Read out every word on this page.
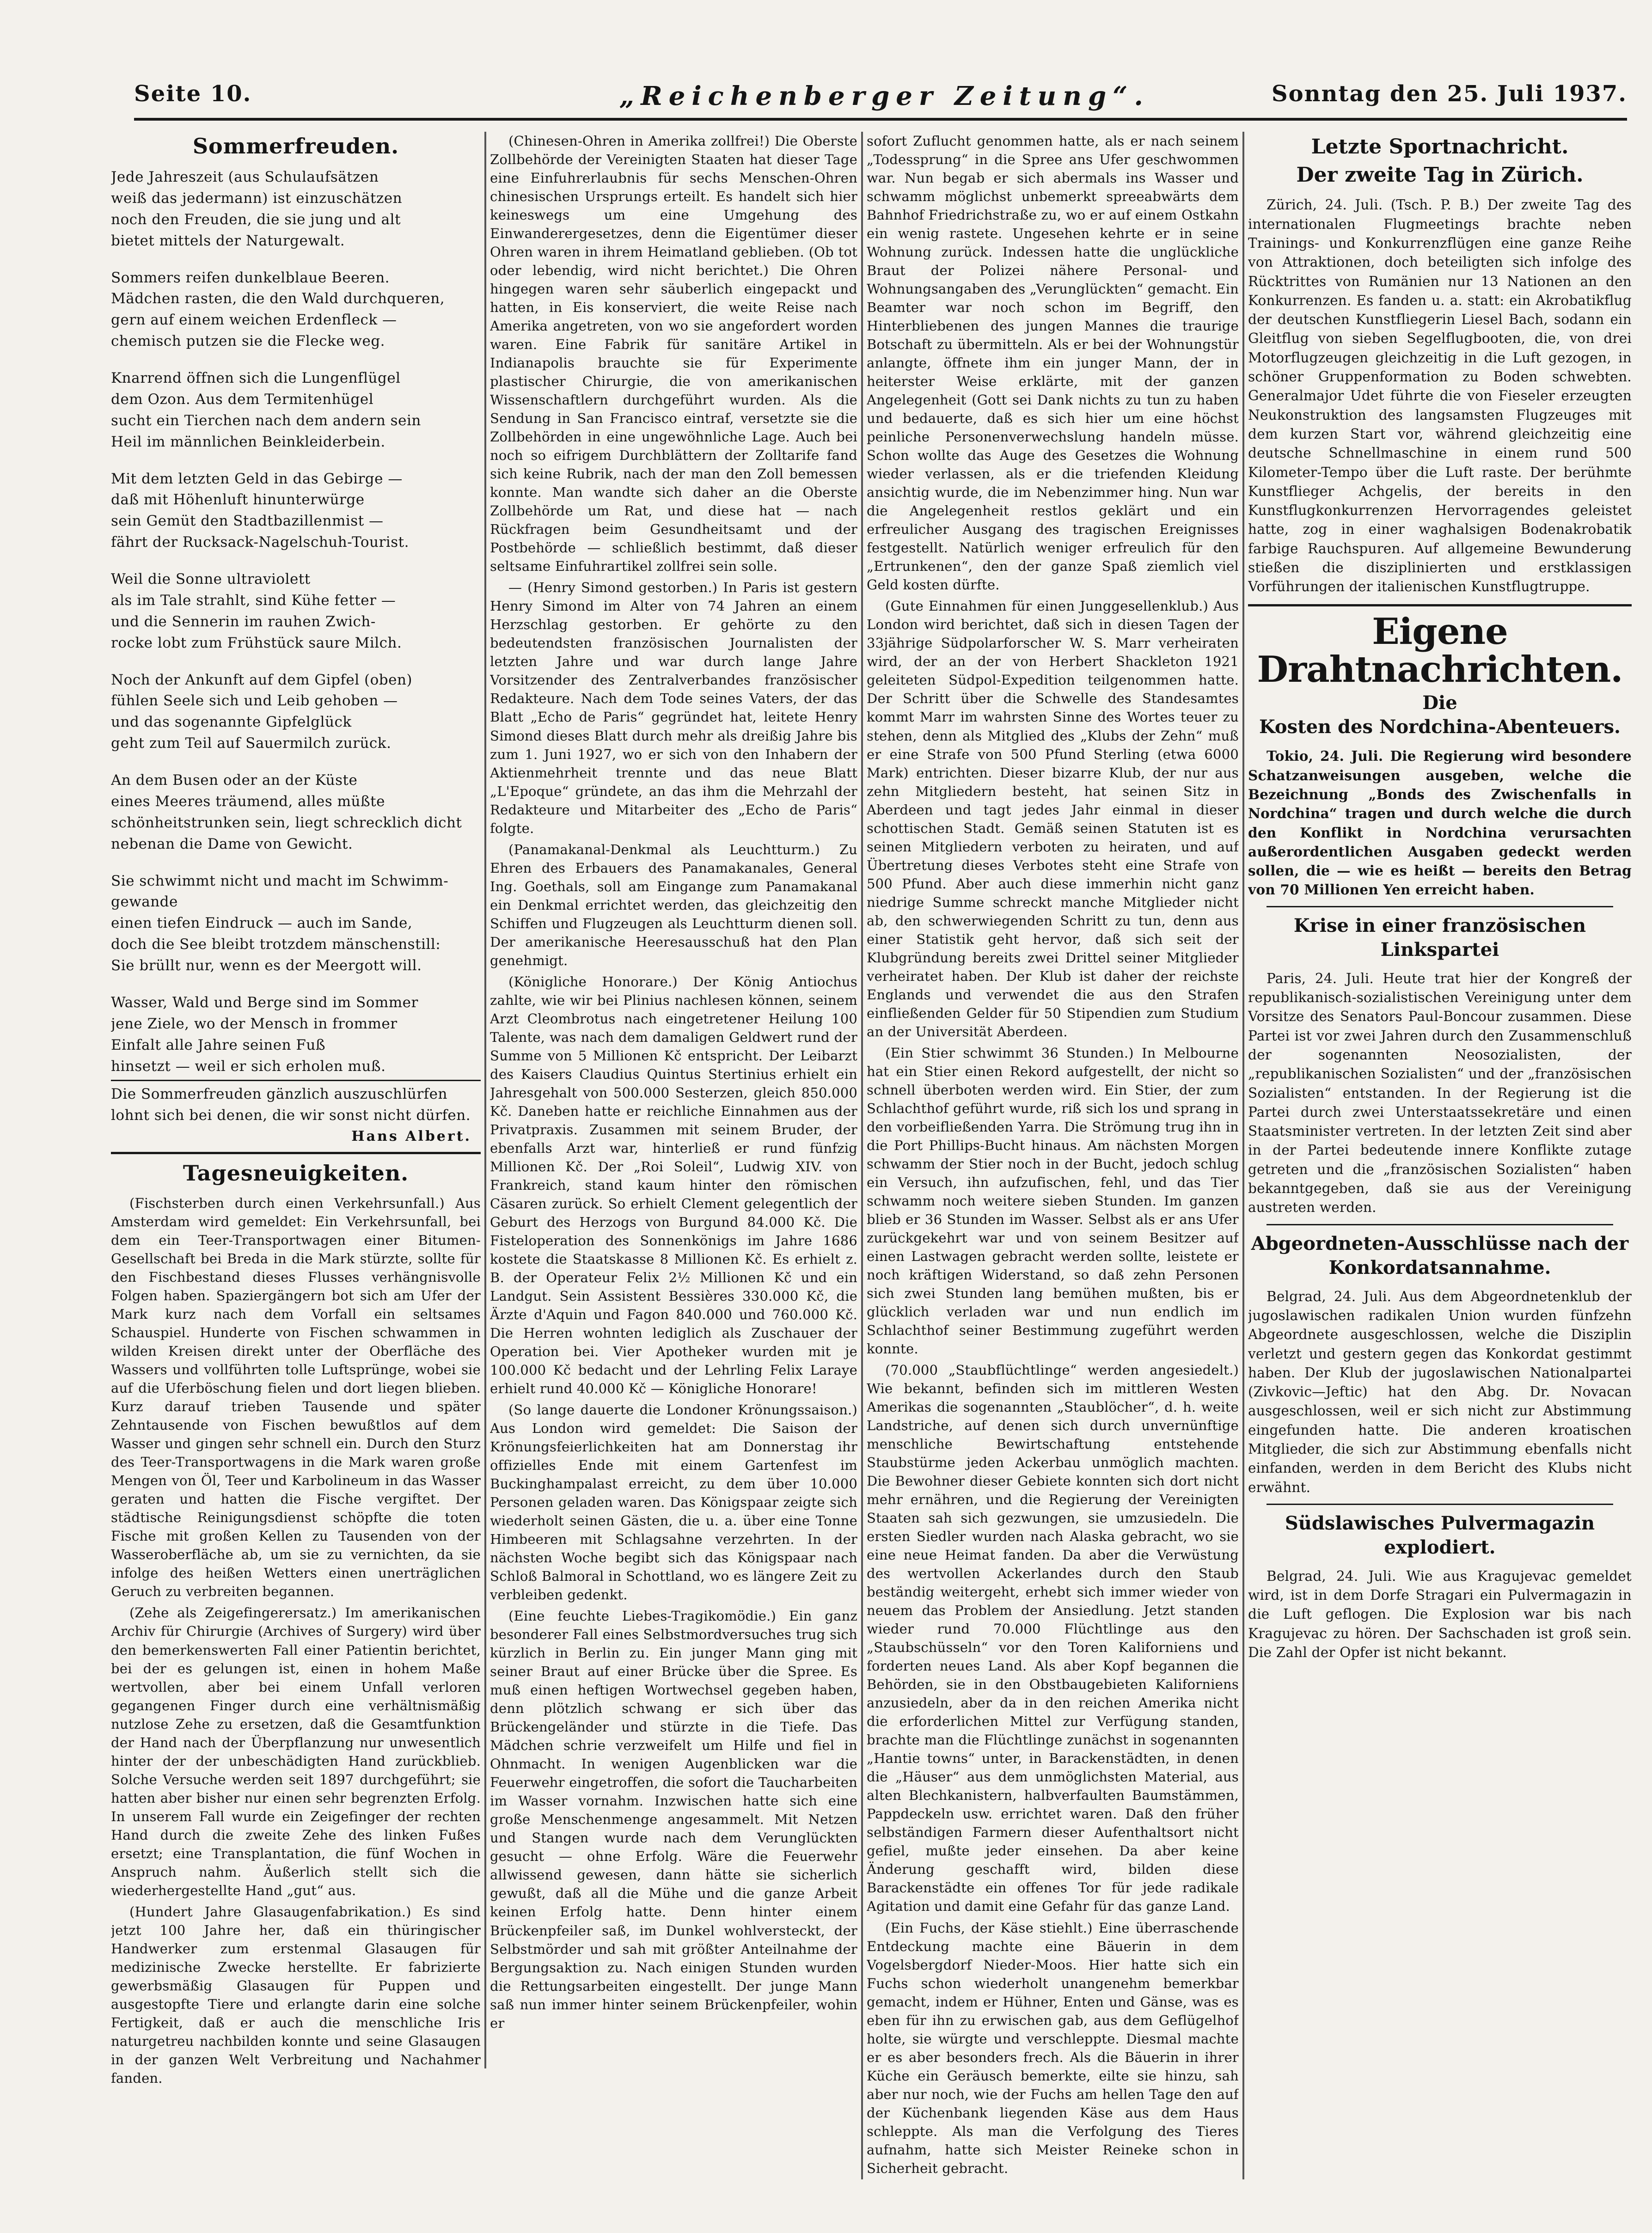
Seite 10.	„Reichenberger Zeitung“.	Sonntag den 25. Juli 1937.
Sommerfreuden.

Jede Jahreszeit (aus Schulaufsätzen
weiß das jedermann) ist einzuschätzen
noch den Freuden, die sie jung und alt
bietet mittels der Naturgewalt.

Sommers reifen dunkelblaue Beeren.
Mädchen rasten, die den Wald durchqueren,
gern auf einem weichen Erdenfleck —
chemisch putzen sie die Flecke weg.

Knarrend öffnen sich die Lungenflügel
dem Ozon. Aus dem Termitenhügel
sucht ein Tierchen nach dem andern sein
Heil im männlichen Beinkleiderbein.

Mit dem letzten Geld in das Gebirge —
daß mit Höhenluft hinunterwürge
sein Gemüt den Stadtbazillenmist —
fährt der Rucksack-Nagelschuh-Tourist.

Weil die Sonne ultraviolett
als im Tale strahlt, sind Kühe fetter —
und die Sennerin im rauhen Zwich-
rocke lobt zum Frühstück saure Milch.

Noch der Ankunft auf dem Gipfel (oben)
fühlen Seele sich und Leib gehoben —
und das sogenannte Gipfelglück
geht zum Teil auf Sauermilch zurück.

An dem Busen oder an der Küste
eines Meeres träumend, alles müßte
schönheitstrunken sein, liegt schrecklich dicht
nebenan die Dame von Gewicht.

Sie schwimmt nicht und macht im Schwimm-
gewande
einen tiefen Eindruck — auch im Sande,
doch die See bleibt trotzdem mänschenstill:
Sie brüllt nur, wenn es der Meergott will.

Wasser, Wald und Berge sind im Sommer
jene Ziele, wo der Mensch in frommer
Einfalt alle Jahre seinen Fuß
hinsetzt — weil er sich erholen muß.

Die Sommerfreuden gänzlich auszuschlürfen
lohnt sich bei denen, die wir sonst nicht dürfen.

Hans Albert.
Tagesneuigkeiten.

(Fischsterben durch einen Verkehrsunfall.) Aus Amsterdam wird gemeldet: Ein Verkehrsunfall, bei dem ein Teer-Transportwagen einer Bitumen-Gesellschaft bei Breda in die Mark stürzte, sollte für den Fischbestand dieses Flusses verhängnisvolle Folgen haben. Spaziergängern bot sich am Ufer der Mark kurz nach dem Vorfall ein seltsames Schauspiel. Hunderte von Fischen schwammen in wilden Kreisen direkt unter der Oberfläche des Wassers und vollführten tolle Luftsprünge, wobei sie auf die Uferböschung fielen und dort liegen blieben. Kurz darauf trieben Tausende und später Zehntausende von Fischen bewußtlos auf dem Wasser und gingen sehr schnell ein. Durch den Sturz des Teer-Transportwagens in die Mark waren große Mengen von Öl, Teer und Karbolineum in das Wasser geraten und hatten die Fische vergiftet. Der städtische Reinigungsdienst schöpfte die toten Fische mit großen Kellen zu Tausenden von der Wasseroberfläche ab, um sie zu vernichten, da sie infolge des heißen Wetters einen unerträglichen Geruch zu verbreiten begannen.

(Zehe als Zeigefingerersatz.) Im amerikanischen Archiv für Chirurgie (Archives of Surgery) wird über den bemerkenswerten Fall einer Patientin berichtet, bei der es gelungen ist, einen in hohem Maße wertvollen, aber bei einem Unfall verloren gegangenen Finger durch eine verhältnismäßig nutzlose Zehe zu ersetzen, daß die Gesamtfunktion der Hand nach der Überpflanzung nur unwesentlich hinter der der unbeschädigten Hand zurückblieb. Solche Versuche werden seit 1897 durchgeführt; sie hatten aber bisher nur einen sehr begrenzten Erfolg. In unserem Fall wurde ein Zeigefinger der rechten Hand durch die zweite Zehe des linken Fußes ersetzt; eine Transplantation, die fünf Wochen in Anspruch nahm. Äußerlich stellt sich die wiederhergestellte Hand „gut“ aus.

(Hundert Jahre Glasaugenfabrikation.) Es sind jetzt 100 Jahre her, daß ein thüringischer Handwerker zum erstenmal Glasaugen für medizinische Zwecke herstellte. Er fabrizierte gewerbsmäßig Glasaugen für Puppen und ausgestopfte Tiere und erlangte darin eine solche Fertigkeit, daß er auch die menschliche Iris naturgetreu nachbilden konnte und seine Glasaugen in der ganzen Welt Verbreitung und Nachahmer fanden.

(Chinesen-Ohren in Amerika zollfrei!) Die Oberste Zollbehörde der Vereinigten Staaten hat dieser Tage eine Einfuhrerlaubnis für sechs Menschen-Ohren chinesischen Ursprungs erteilt. Es handelt sich hier keineswegs um eine Umgehung des Einwanderergesetzes, denn die Eigentümer dieser Ohren waren in ihrem Heimatland geblieben. (Ob tot oder lebendig, wird nicht berichtet.) Die Ohren hingegen waren sehr säuberlich eingepackt und hatten, in Eis konserviert, die weite Reise nach Amerika angetreten, von wo sie angefordert worden waren. Eine Fabrik für sanitäre Artikel in Indianapolis brauchte sie für Experimente plastischer Chirurgie, die von amerikanischen Wissenschaftlern durchgeführt wurden. Als die Sendung in San Francisco eintraf, versetzte sie die Zollbehörden in eine ungewöhnliche Lage. Auch bei noch so eifrigem Durchblättern der Zolltarife fand sich keine Rubrik, nach der man den Zoll bemessen konnte. Man wandte sich daher an die Oberste Zollbehörde um Rat, und diese hat — nach Rückfragen beim Gesundheitsamt und der Postbehörde — schließlich bestimmt, daß dieser seltsame Einfuhrartikel zollfrei sein solle.

— (Henry Simond gestorben.) In Paris ist gestern Henry Simond im Alter von 74 Jahren an einem Herzschlag gestorben. Er gehörte zu den bedeutendsten französischen Journalisten der letzten Jahre und war durch lange Jahre Vorsitzender des Zentralverbandes französischer Redakteure. Nach dem Tode seines Vaters, der das Blatt „Echo de Paris“ gegründet hat, leitete Henry Simond dieses Blatt durch mehr als dreißig Jahre bis zum 1. Juni 1927, wo er sich von den Inhabern der Aktienmehrheit trennte und das neue Blatt „L'Epoque“ gründete, an das ihm die Mehrzahl der Redakteure und Mitarbeiter des „Echo de Paris“ folgte.

(Panamakanal-Denkmal als Leuchtturm.) Zu Ehren des Erbauers des Panamakanales, General Ing. Goethals, soll am Eingange zum Panamakanal ein Denkmal errichtet werden, das gleichzeitig den Schiffen und Flugzeugen als Leuchtturm dienen soll. Der amerikanische Heeresausschuß hat den Plan genehmigt.

(Königliche Honorare.) Der König Antiochus zahlte, wie wir bei Plinius nachlesen können, seinem Arzt Cleombrotus nach eingetretener Heilung 100 Talente, was nach dem damaligen Geldwert rund der Summe von 5 Millionen Kč entspricht. Der Leibarzt des Kaisers Claudius Quintus Stertinius erhielt ein Jahresgehalt von 500.000 Sesterzen, gleich 850.000 Kč. Daneben hatte er reichliche Einnahmen aus der Privatpraxis. Zusammen mit seinem Bruder, der ebenfalls Arzt war, hinterließ er rund fünfzig Millionen Kč. Der „Roi Soleil“, Ludwig XIV. von Frankreich, stand kaum hinter den römischen Cäsaren zurück. So erhielt Clement gelegentlich der Geburt des Herzogs von Burgund 84.000 Kč. Die Fisteloperation des Sonnenkönigs im Jahre 1686 kostete die Staatskasse 8 Millionen Kč. Es erhielt z. B. der Operateur Felix 2½ Millionen Kč und ein Landgut. Sein Assistent Bessières 330.000 Kč, die Ärzte d'Aquin und Fagon 840.000 und 760.000 Kč. Die Herren wohnten lediglich als Zuschauer der Operation bei. Vier Apotheker wurden mit je 100.000 Kč bedacht und der Lehrling Felix Laraye erhielt rund 40.000 Kč — Königliche Honorare!

(So lange dauerte die Londoner Krönungssaison.) Aus London wird gemeldet: Die Saison der Krönungsfeierlichkeiten hat am Donnerstag ihr offizielles Ende mit einem Gartenfest im Buckinghampalast erreicht, zu dem über 10.000 Personen geladen waren. Das Königspaar zeigte sich wiederholt seinen Gästen, die u. a. über eine Tonne Himbeeren mit Schlagsahne verzehrten. In der nächsten Woche begibt sich das Königspaar nach Schloß Balmoral in Schottland, wo es längere Zeit zu verbleiben gedenkt.

(Eine feuchte Liebes-Tragikomödie.) Ein ganz besonderer Fall eines Selbstmordversuches trug sich kürzlich in Berlin zu. Ein junger Mann ging mit seiner Braut auf einer Brücke über die Spree. Es muß einen heftigen Wortwechsel gegeben haben, denn plötzlich schwang er sich über das Brückengeländer und stürzte in die Tiefe. Das Mädchen schrie verzweifelt um Hilfe und fiel in Ohnmacht. In wenigen Augenblicken war die Feuerwehr eingetroffen, die sofort die Taucharbeiten im Wasser vornahm. Inzwischen hatte sich eine große Menschenmenge angesammelt. Mit Netzen und Stangen wurde nach dem Verunglückten gesucht — ohne Erfolg. Wäre die Feuerwehr allwissend gewesen, dann hätte sie sicherlich gewußt, daß all die Mühe und die ganze Arbeit keinen Erfolg hatte. Denn hinter einem Brückenpfeiler saß, im Dunkel wohlversteckt, der Selbstmörder und sah mit größter Anteilnahme der Bergungsaktion zu. Nach einigen Stunden wurden die Rettungsarbeiten eingestellt. Der junge Mann saß nun immer hinter seinem Brückenpfeiler, wohin er

sofort Zuflucht genommen hatte, als er nach seinem „Todessprung“ in die Spree ans Ufer geschwommen war. Nun begab er sich abermals ins Wasser und schwamm möglichst unbemerkt spreeabwärts dem Bahnhof Friedrichstraße zu, wo er auf einem Ostkahn ein wenig rastete. Ungesehen kehrte er in seine Wohnung zurück. Indessen hatte die unglückliche Braut der Polizei nähere Personal- und Wohnungsangaben des „Verunglückten“ gemacht. Ein Beamter war noch schon im Begriff, den Hinterbliebenen des jungen Mannes die traurige Botschaft zu übermitteln. Als er bei der Wohnungstür anlangte, öffnete ihm ein junger Mann, der in heiterster Weise erklärte, mit der ganzen Angelegenheit (Gott sei Dank nichts zu tun zu haben und bedauerte, daß es sich hier um eine höchst peinliche Personenverwechslung handeln müsse. Schon wollte das Auge des Gesetzes die Wohnung wieder verlassen, als er die triefenden Kleidung ansichtig wurde, die im Nebenzimmer hing. Nun war die Angelegenheit restlos geklärt und ein erfreulicher Ausgang des tragischen Ereignisses festgestellt. Natürlich weniger erfreulich für den „Ertrunkenen“, den der ganze Spaß ziemlich viel Geld kosten dürfte.

(Gute Einnahmen für einen Junggesellenklub.) Aus London wird berichtet, daß sich in diesen Tagen der 33jährige Südpolarforscher W. S. Marr verheiraten wird, der an der von Herbert Shackleton 1921 geleiteten Südpol-Expedition teilgenommen hatte. Der Schritt über die Schwelle des Standesamtes kommt Marr im wahrsten Sinne des Wortes teuer zu stehen, denn als Mitglied des „Klubs der Zehn“ muß er eine Strafe von 500 Pfund Sterling (etwa 6000 Mark) entrichten. Dieser bizarre Klub, der nur aus zehn Mitgliedern besteht, hat seinen Sitz in Aberdeen und tagt jedes Jahr einmal in dieser schottischen Stadt. Gemäß seinen Statuten ist es seinen Mitgliedern verboten zu heiraten, und auf Übertretung dieses Verbotes steht eine Strafe von 500 Pfund. Aber auch diese immerhin nicht ganz niedrige Summe schreckt manche Mitglieder nicht ab, den schwerwiegenden Schritt zu tun, denn aus einer Statistik geht hervor, daß sich seit der Klubgründung bereits zwei Drittel seiner Mitglieder verheiratet haben. Der Klub ist daher der reichste Englands und verwendet die aus den Strafen einfließenden Gelder für 50 Stipendien zum Studium an der Universität Aberdeen.

(Ein Stier schwimmt 36 Stunden.) In Melbourne hat ein Stier einen Rekord aufgestellt, der nicht so schnell überboten werden wird. Ein Stier, der zum Schlachthof geführt wurde, riß sich los und sprang in den vorbeifließenden Yarra. Die Strömung trug ihn in die Port Phillips-Bucht hinaus. Am nächsten Morgen schwamm der Stier noch in der Bucht, jedoch schlug ein Versuch, ihn aufzufischen, fehl, und das Tier schwamm noch weitere sieben Stunden. Im ganzen blieb er 36 Stunden im Wasser. Selbst als er ans Ufer zurückgekehrt war und von seinem Besitzer auf einen Lastwagen gebracht werden sollte, leistete er noch kräftigen Widerstand, so daß zehn Personen sich zwei Stunden lang bemühen mußten, bis er glücklich verladen war und nun endlich im Schlachthof seiner Bestimmung zugeführt werden konnte.

(70.000 „Staubflüchtlinge“ werden angesiedelt.) Wie bekannt, befinden sich im mittleren Westen Amerikas die sogenannten „Staublöcher“, d. h. weite Landstriche, auf denen sich durch unvernünftige menschliche Bewirtschaftung entstehende Staubstürme jeden Ackerbau unmöglich machten. Die Bewohner dieser Gebiete konnten sich dort nicht mehr ernähren, und die Regierung der Vereinigten Staaten sah sich gezwungen, sie umzusiedeln. Die ersten Siedler wurden nach Alaska gebracht, wo sie eine neue Heimat fanden. Da aber die Verwüstung des wertvollen Ackerlandes durch den Staub beständig weitergeht, erhebt sich immer wieder von neuem das Problem der Ansiedlung. Jetzt standen wieder rund 70.000 Flüchtlinge aus den „Staubschüsseln“ vor den Toren Kaliforniens und forderten neues Land. Als aber Kopf begannen die Behörden, sie in den Obstbaugebieten Kaliforniens anzusiedeln, aber da in den reichen Amerika nicht die erforderlichen Mittel zur Verfügung standen, brachte man die Flüchtlinge zunächst in sogenannten „Hantie towns“ unter, in Barackenstädten, in denen die „Häuser“ aus dem unmöglichsten Material, aus alten Blechkanistern, halbverfaulten Baumstämmen, Pappdeckeln usw. errichtet waren. Daß den früher selbständigen Farmern dieser Aufenthaltsort nicht gefiel, mußte jeder einsehen. Da aber keine Änderung geschafft wird, bilden diese Barackenstädte ein offenes Tor für jede radikale Agitation und damit eine Gefahr für das ganze Land.

(Ein Fuchs, der Käse stiehlt.) Eine überraschende Entdeckung machte eine Bäuerin in dem Vogelsbergdorf Nieder-Moos. Hier hatte sich ein Fuchs schon wiederholt unangenehm bemerkbar gemacht, indem er Hühner, Enten und Gänse, was es eben für ihn zu erwischen gab, aus dem Geflügelhof holte, sie würgte und verschleppte. Diesmal machte er es aber besonders frech. Als die Bäuerin in ihrer Küche ein Geräusch bemerkte, eilte sie hinzu, sah aber nur noch, wie der Fuchs am hellen Tage den auf der Küchenbank liegenden Käse aus dem Haus schleppte. Als man die Verfolgung des Tieres aufnahm, hatte sich Meister Reineke schon in Sicherheit gebracht.

Letzte Sportnachricht.
Der zweite Tag in Zürich.

Zürich, 24. Juli. (Tsch. P. B.) Der zweite Tag des internationalen Flugmeetings brachte neben Trainings- und Konkurrenzflügen eine ganze Reihe von Attraktionen, doch beteiligten sich infolge des Rücktrittes von Rumänien nur 13 Nationen an den Konkurrenzen. Es fanden u. a. statt: ein Akrobatikflug der deutschen Kunstfliegerin Liesel Bach, sodann ein Gleitflug von sieben Segelflugbooten, die, von drei Motorflugzeugen gleichzeitig in die Luft gezogen, in schöner Gruppenformation zu Boden schwebten. Generalmajor Udet führte die von Fieseler erzeugten Neukonstruktion des langsamsten Flugzeuges mit dem kurzen Start vor, während gleichzeitig eine deutsche Schnellmaschine in einem rund 500 Kilometer-Tempo über die Luft raste. Der berühmte Kunstflieger Achgelis, der bereits in den Kunstflugkonkurrenzen Hervorragendes geleistet hatte, zog in einer waghalsigen Bodenakrobatik farbige Rauchspuren. Auf allgemeine Bewunderung stießen die disziplinierten und erstklassigen Vorführungen der italienischen Kunstflugtruppe.

Eigene Drahtnachrichten.
Die
Kosten des Nordchina-Abenteuers.

Tokio, 24. Juli. Die Regierung wird besondere Schatzanweisungen ausgeben, welche die Bezeichnung „Bonds des Zwischenfalls in Nordchina“ tragen und durch welche die durch den Konflikt in Nordchina verursachten außerordentlichen Ausgaben gedeckt werden sollen, die — wie es heißt — bereits den Betrag von 70 Millionen Yen erreicht haben.

Krise in einer französischen Linkspartei

Paris, 24. Juli. Heute trat hier der Kongreß der republikanisch-sozialistischen Vereinigung unter dem Vorsitze des Senators Paul-Boncour zusammen. Diese Partei ist vor zwei Jahren durch den Zusammenschluß der sogenannten Neosozialisten, der „republikanischen Sozialisten“ und der „französischen Sozialisten“ entstanden. In der Regierung ist die Partei durch zwei Unterstaatssekretäre und einen Staatsminister vertreten. In der letzten Zeit sind aber in der Partei bedeutende innere Konflikte zutage getreten und die „französischen Sozialisten“ haben bekanntgegeben, daß sie aus der Vereinigung austreten werden.

Abgeordneten-Ausschlüsse nach der Konkordatsannahme.

Belgrad, 24. Juli. Aus dem Abgeordnetenklub der jugoslawischen radikalen Union wurden fünfzehn Abgeordnete ausgeschlossen, welche die Disziplin verletzt und gestern gegen das Konkordat gestimmt haben. Der Klub der jugoslawischen Nationalpartei (Zivkovic—Jeftic) hat den Abg. Dr. Novacan ausgeschlossen, weil er sich nicht zur Abstimmung eingefunden hatte. Die anderen kroatischen Mitglieder, die sich zur Abstimmung ebenfalls nicht einfanden, werden in dem Bericht des Klubs nicht erwähnt.

Südslawisches Pulvermagazin explodiert.

Belgrad, 24. Juli. Wie aus Kragujevac gemeldet wird, ist in dem Dorfe Stragari ein Pulvermagazin in die Luft geflogen. Die Explosion war bis nach Kragujevac zu hören. Der Sachschaden ist groß sein. Die Zahl der Opfer ist nicht bekannt.
